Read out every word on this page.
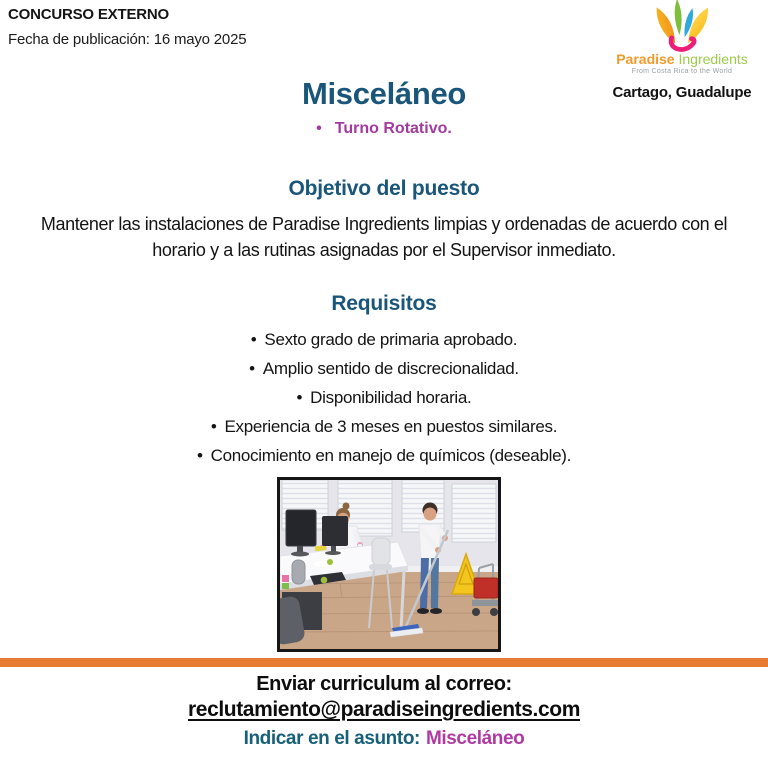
CONCURSO EXTERNO
Fecha de publicación: 16 mayo 2025
Paradise Ingredients
From Costa Rica to the World
Cartago, Guadalupe
Misceláneo
• Turno Rotativo.
Objetivo del puesto
Mantener las instalaciones de Paradise Ingredients limpias y ordenadas de acuerdo con el horario y a las rutinas asignadas por el Supervisor inmediato.
Requisitos
• Sexto grado de primaria aprobado.
• Amplio sentido de discrecionalidad.
• Disponibilidad horaria.
• Experiencia de 3 meses en puestos similares.
• Conocimiento en manejo de químicos (deseable).
Enviar curriculum al correo:
reclutamiento@paradiseingredients.com
Indicar en el asunto: Misceláneo
